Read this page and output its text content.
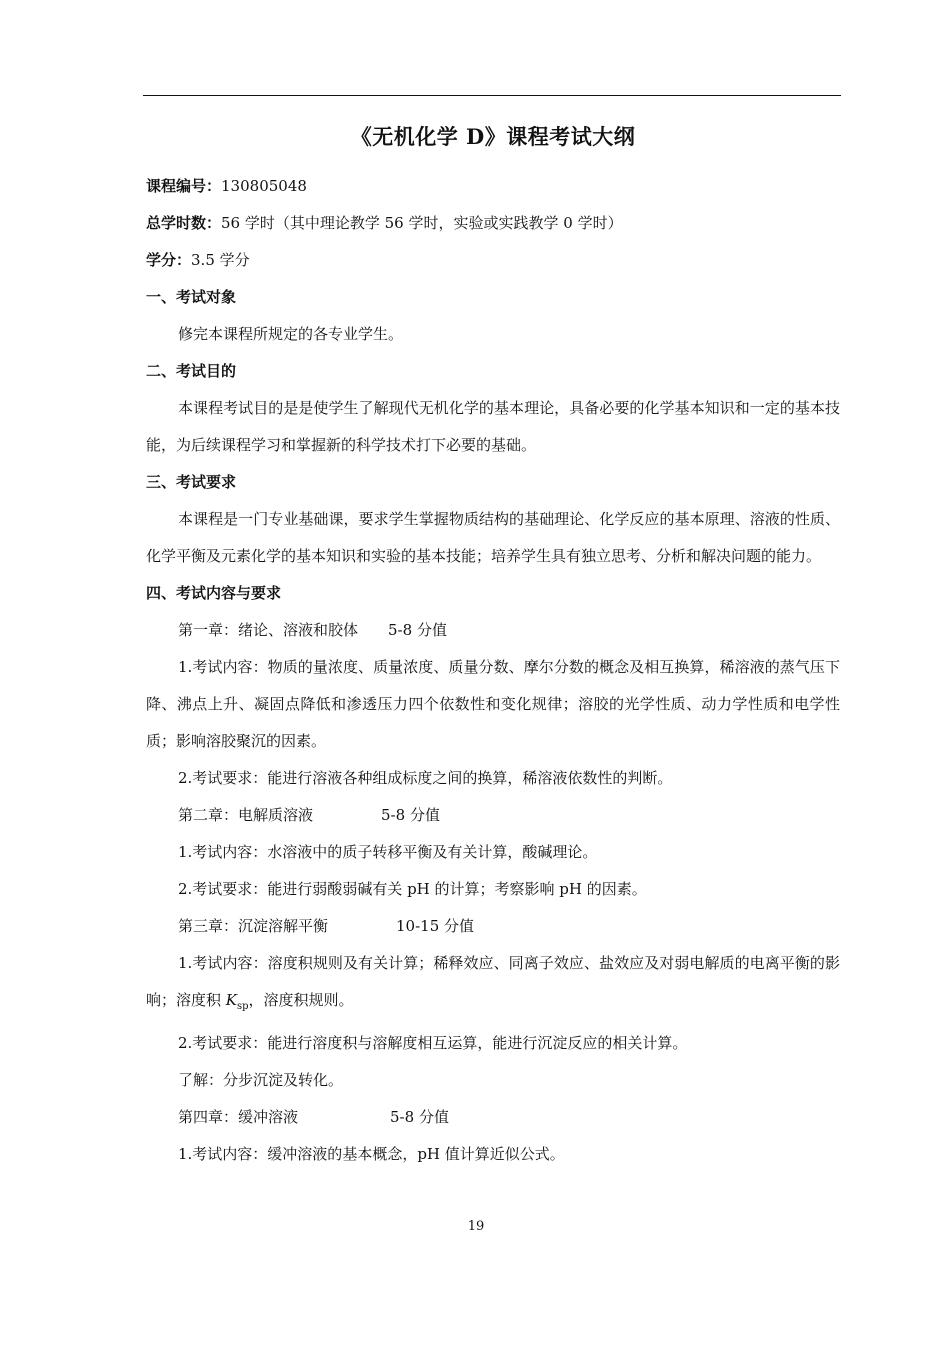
《无机化学 D》课程考试大纲
课程编号：130805048
总学时数：56 学时（其中理论教学 56 学时，实验或实践教学 0 学时）
学分：3.5 学分
一、考试对象
修完本课程所规定的各专业学生。
二、考试目的
本课程考试目的是是使学生了解现代无机化学的基本理论，具备必要的化学基本知识和一定的基本技能，为后续课程学习和掌握新的科学技术打下必要的基础。
三、考试要求
本课程是一门专业基础课，要求学生掌握物质结构的基础理论、化学反应的基本原理、溶液的性质、化学平衡及元素化学的基本知识和实验的基本技能；培养学生具有独立思考、分析和解决问题的能力。
四、考试内容与要求
第一章：绪论、溶液和胶体 5-8 分值
1.考试内容：物质的量浓度、质量浓度、质量分数、摩尔分数的概念及相互换算，稀溶液的蒸气压下降、沸点上升、凝固点降低和渗透压力四个依数性和变化规律；溶胶的光学性质、动力学性质和电学性质；影响溶胶聚沉的因素。
2.考试要求：能进行溶液各种组成标度之间的换算，稀溶液依数性的判断。
第二章：电解质溶液	5-8 分值
1.考试内容：水溶液中的质子转移平衡及有关计算，酸碱理论。
2.考试要求：能进行弱酸弱碱有关 pH 的计算；考察影响 pH 的因素。
第三章：沉淀溶解平衡	10-15 分值
1.考试内容：溶度积规则及有关计算；稀释效应、同离子效应、盐效应及对弱电解质的电离平衡的影响；溶度积 $K_{sp}$，溶度积规则。
2.考试要求：能进行溶度积与溶解度相互运算，能进行沉淀反应的相关计算。
了解：分步沉淀及转化。
第四章：缓冲溶液	5-8 分值
1.考试内容：缓冲溶液的基本概念，pH 值计算近似公式。
19
